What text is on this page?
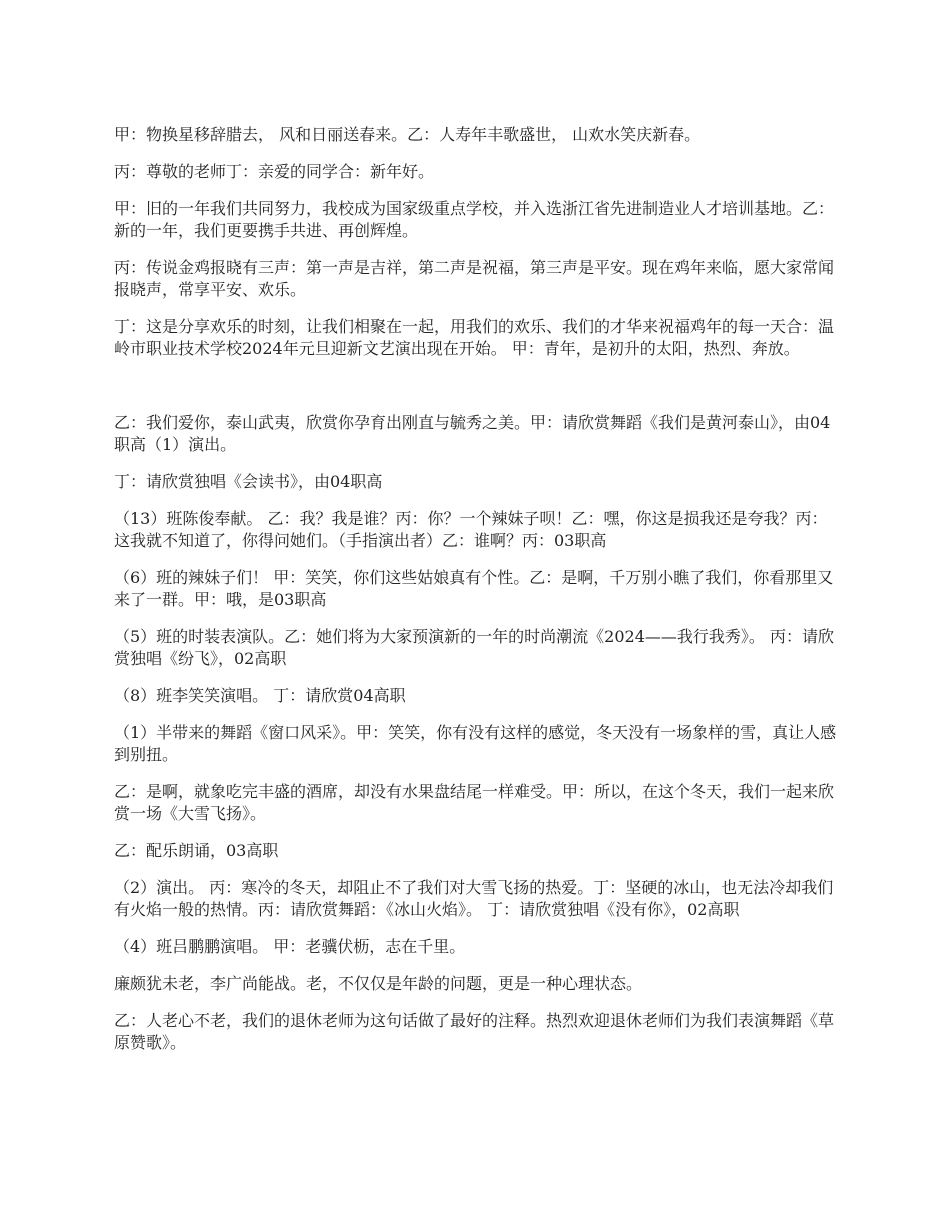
甲：物换星移辞腊去， 风和日丽送春来。乙：人寿年丰歌盛世， 山欢水笑庆新春。

丙：尊敬的老师丁：亲爱的同学合：新年好。

甲：旧的一年我们共同努力，我校成为国家级重点学校，并入选浙江省先进制造业人才培训基地。乙：新的一年，我们更要携手共进、再创辉煌。

丙：传说金鸡报晓有三声：第一声是吉祥，第二声是祝福，第三声是平安。现在鸡年来临，愿大家常闻报晓声，常享平安、欢乐。

丁：这是分享欢乐的时刻，让我们相聚在一起，用我们的欢乐、我们的才华来祝福鸡年的每一天合：温岭市职业技术学校2024年元旦迎新文艺演出现在开始。 甲：青年，是初升的太阳，热烈、奔放。

乙：我们爱你，泰山武夷，欣赏你孕育出刚直与毓秀之美。甲：请欣赏舞蹈《我们是黄河泰山》，由04职高（1）演出。

丁：请欣赏独唱《会读书》，由04职高

（13）班陈俊奉献。 乙：我？我是谁？丙：你？一个辣妹子呗！乙：嘿，你这是损我还是夸我？丙：这我就不知道了，你得问她们。（手指演出者）乙：谁啊？丙：03职高

（6）班的辣妹子们！ 甲：笑笑，你们这些姑娘真有个性。乙：是啊，千万别小瞧了我们，你看那里又来了一群。甲：哦，是03职高

（5）班的时装表演队。乙：她们将为大家预演新的一年的时尚潮流《2024——我行我秀》。 丙：请欣赏独唱《纷飞》，02高职

（8）班李笑笑演唱。 丁：请欣赏04高职

（1）半带来的舞蹈《窗口风采》。甲：笑笑，你有没有这样的感觉，冬天没有一场象样的雪，真让人感到别扭。

乙：是啊，就象吃完丰盛的酒席，却没有水果盘结尾一样难受。甲：所以，在这个冬天，我们一起来欣赏一场《大雪飞扬》。

乙：配乐朗诵，03高职

（2）演出。 丙：寒冷的冬天，却阻止不了我们对大雪飞扬的热爱。丁：坚硬的冰山，也无法冷却我们有火焰一般的热情。丙：请欣赏舞蹈：《冰山火焰》。 丁：请欣赏独唱《没有你》，02高职

（4）班吕鹏鹏演唱。 甲：老骥伏枥，志在千里。

廉颇犹未老，李广尚能战。老，不仅仅是年龄的问题，更是一种心理状态。

乙：人老心不老，我们的退休老师为这句话做了最好的注释。热烈欢迎退休老师们为我们表演舞蹈《草原赞歌》。
